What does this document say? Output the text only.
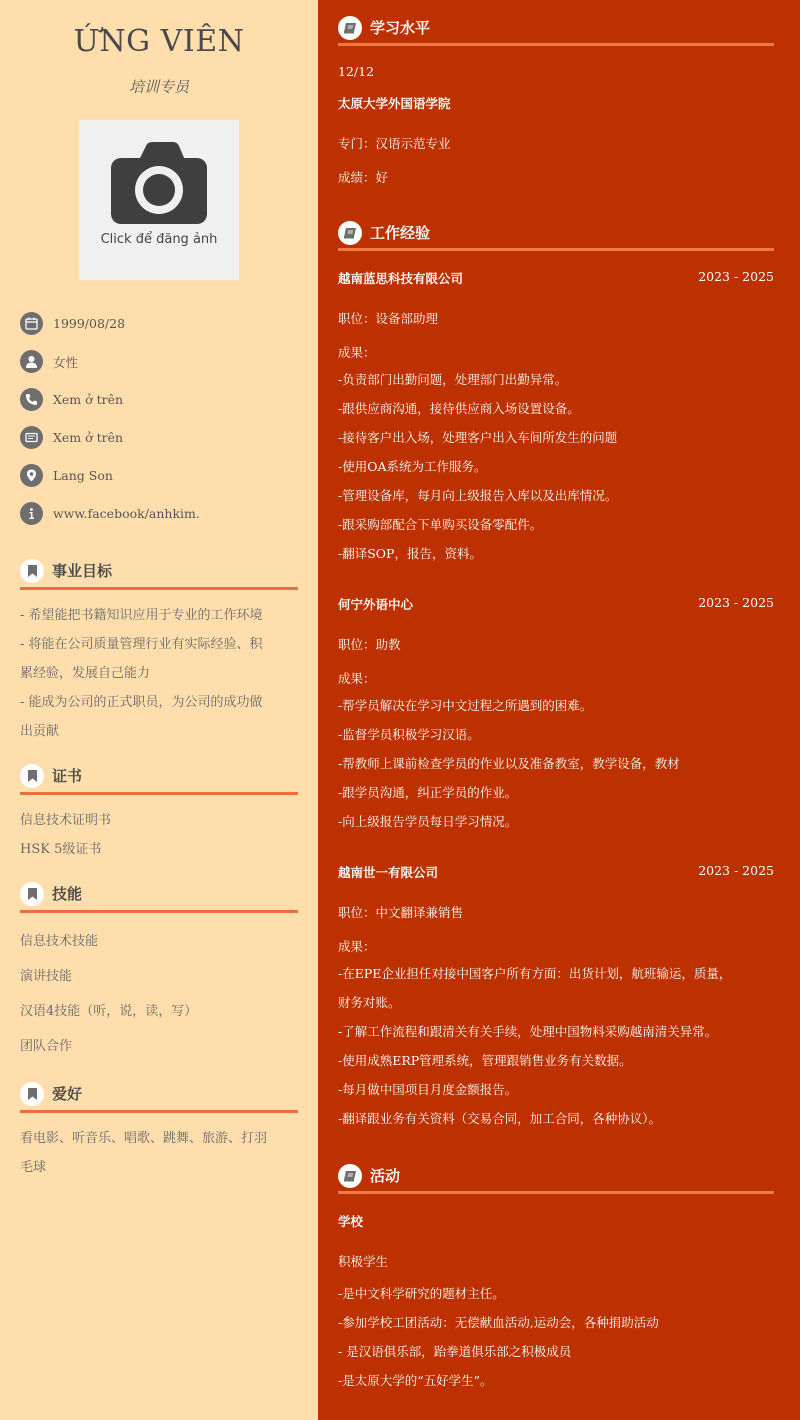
ỨNG VIÊN
培训专员
Click để đăng ảnh
1999/08/28
女性
Xem ở trên
Xem ở trên
Lang Son
www.facebook/anhkim.
事业目标

- 希望能把书籍知识应用于专业的工作环境

- 将能在公司质量管理行业有实际经验、积

累经验，发展自己能力

- 能成为公司的正式职员，为公司的成功做

出贡献

证书

信息技术证明书

HSK 5级证书

技能
信息技术技能
演讲技能
汉语4技能（听，说，读，写）
团队合作
爱好

看电影、听音乐、唱歌、跳舞、旅游、打羽

毛球

学习水平
12/12
太原大学外国语学院
专门：汉语示范专业
成绩：好
工作经验
越南蓝思科技有限公司	2023 - 2025
职位：设备部助理
成果：

-负责部门出勤问题，处理部门出勤异常。

-跟供应商沟通，接待供应商入场设置设备。

-接待客户出入场，处理客户出入车间所发生的问题

-使用OA系统为工作服务。

-管理设备库，每月向上级报告入库以及出库情况。

-跟采购部配合下单购买设备零配件。

-翻译SOP，报告，资料。

何宁外语中心	2023 - 2025
职位：助教
成果：

-帮学员解决在学习中文过程之所遇到的困难。

-监督学员积极学习汉语。

-帮教师上课前检查学员的作业以及准备教室，教学设备，教材

-跟学员沟通，纠正学员的作业。

-向上级报告学员每日学习情况。

越南世一有限公司	2023 - 2025
职位：中文翻译兼销售
成果：

-在EPE企业担任对接中国客户所有方面：出货计划，航班输运，质量，

财务对账。

-了解工作流程和跟清关有关手续，处理中国物料采购越南清关异常。

-使用成熟ERP管理系统，管理跟销售业务有关数据。

-每月做中国项目月度金额报告。

-翻译跟业务有关资料（交易合同，加工合同，各种协议）。

活动
学校
积极学生

-是中文科学研究的题材主任。

-参加学校工团活动：无偿献血活动,运动会，各种捐助活动

- 是汉语俱乐部，跆拳道俱乐部之积极成员

-是太原大学的“五好学生”。
